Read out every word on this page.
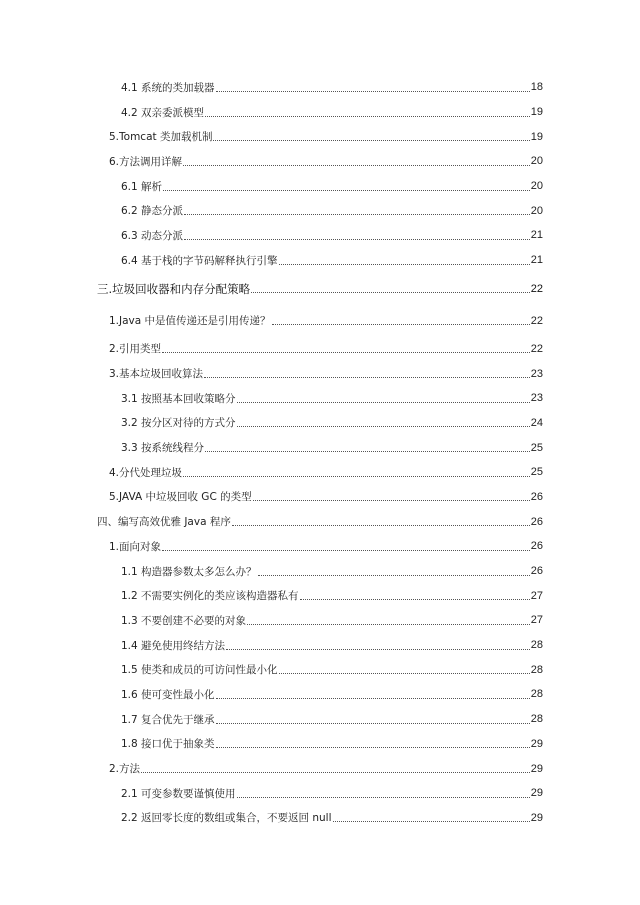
4.1 系统的类加载器	18
4.2 双亲委派模型	19
5.Tomcat 类加载机制	19
6.方法调用详解	20
6.1 解析	20
6.2 静态分派	20
6.3 动态分派	21
6.4 基于栈的字节码解释执行引擎	21
三.垃圾回收器和内存分配策略	22
1.Java 中是值传递还是引用传递？	22
2.引用类型	22
3.基本垃圾回收算法	23
3.1 按照基本回收策略分	23
3.2 按分区对待的方式分	24
3.3 按系统线程分	25
4.分代处理垃圾	25
5.JAVA 中垃圾回收 GC 的类型	26
四、编写高效优雅 Java 程序	26
1.面向对象	26
1.1 构造器参数太多怎么办？	26
1.2 不需要实例化的类应该构造器私有	27
1.3 不要创建不必要的对象	27
1.4 避免使用终结方法	28
1.5 使类和成员的可访问性最小化	28
1.6 使可变性最小化	28
1.7 复合优先于继承	28
1.8 接口优于抽象类	29
2.方法	29
2.1 可变参数要谨慎使用	29
2.2 返回零长度的数组或集合，不要返回 null	29
